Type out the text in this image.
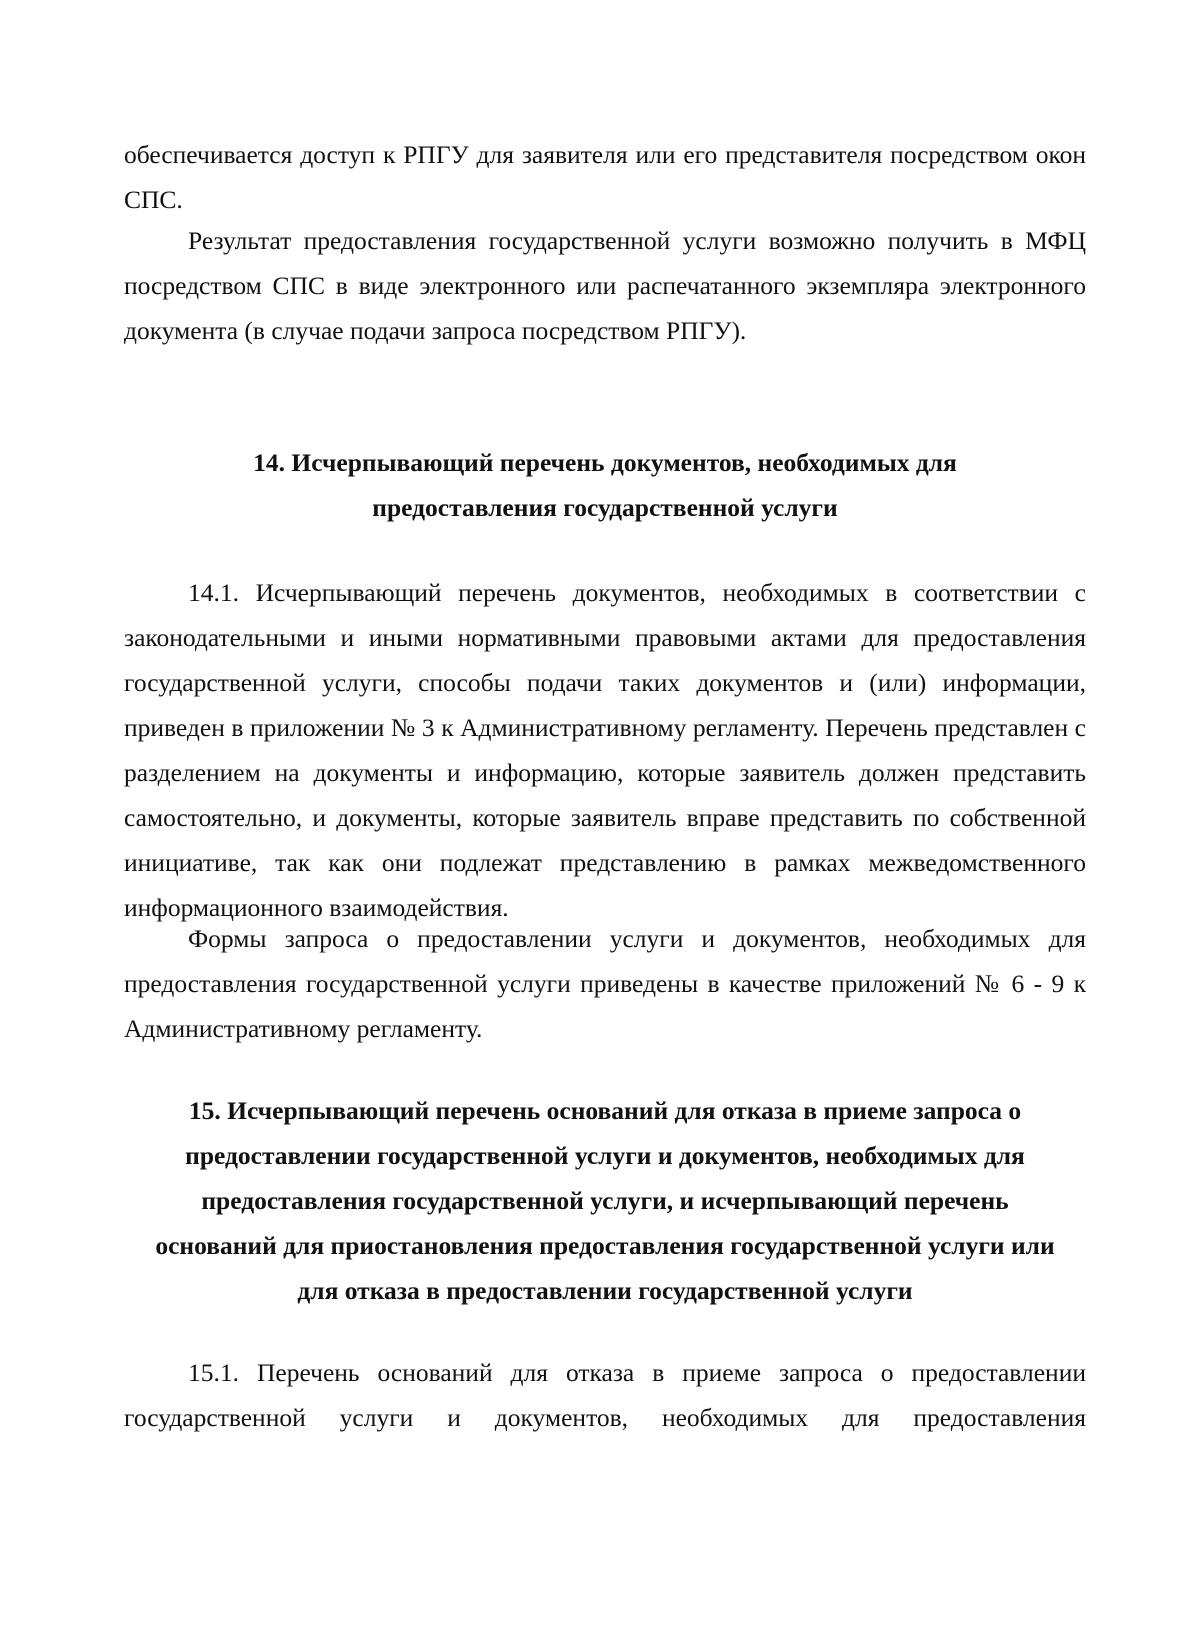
обеспечивается доступ к РПГУ для заявителя или его представителя посредством окон СПС.

Результат предоставления государственной услуги возможно получить в МФЦ посредством СПС в виде электронного или распечатанного экземпляра электронного документа (в случае подачи запроса посредством РПГУ).

14. Исчерпывающий перечень документов, необходимых для
предоставления государственной услуги

14.1. Исчерпывающий перечень документов, необходимых в соответствии с законодательными и иными нормативными правовыми актами для предоставления государственной услуги, способы подачи таких документов и (или) информации, приведен в приложении № 3 к Административному регламенту. Перечень представлен с разделением на документы и информацию, которые заявитель должен представить самостоятельно, и документы, которые заявитель вправе представить по собственной инициативе, так как они подлежат представлению в рамках межведомственного информационного взаимодействия.

Формы запроса о предоставлении услуги и документов, необходимых для предоставления государственной услуги приведены в качестве приложений № 6 - 9 к Административному регламенту.

15. Исчерпывающий перечень оснований для отказа в приеме запроса о
предоставлении государственной услуги и документов, необходимых для
предоставления государственной услуги, и исчерпывающий перечень
оснований для приостановления предоставления государственной услуги или
для отказа в предоставлении государственной услуги

15.1. Перечень оснований для отказа в приеме запроса о предоставлении государственной услуги и документов, необходимых для предоставления
